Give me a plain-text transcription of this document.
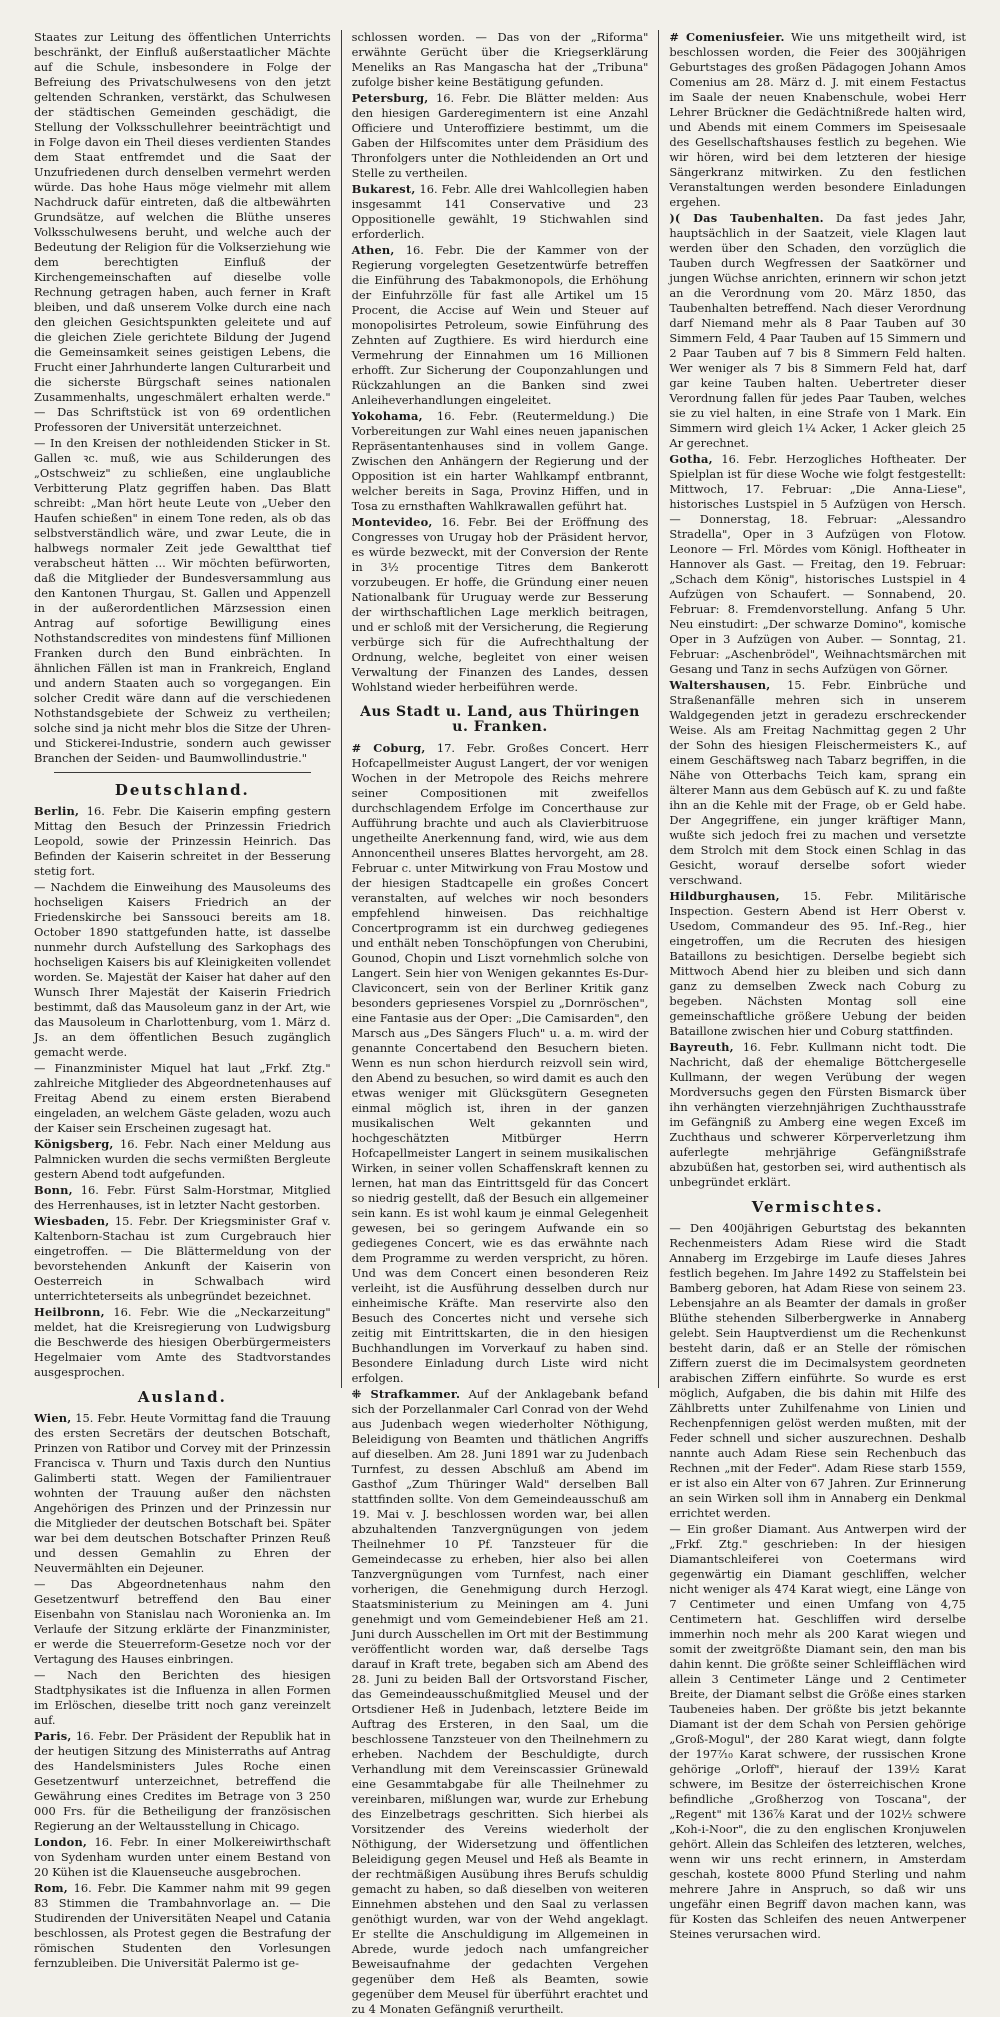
Staates zur Leitung des öffentlichen Unterrichts beschränkt, der Einfluß außerstaatlicher Mächte auf die Schule, insbesondere in Folge der Befreiung des Privatschulwesens von den jetzt geltenden Schranken, verstärkt, das Schulwesen der städtischen Gemeinden geschädigt, die Stellung der Volksschullehrer beeinträchtigt und in Folge davon ein Theil dieses verdienten Standes dem Staat entfremdet und die Saat der Unzufriedenen durch denselben vermehrt werden würde. Das hohe Haus möge vielmehr mit allem Nachdruck dafür eintreten, daß die altbewährten Grundsätze, auf welchen die Blüthe unseres Volksschulwesens beruht, und welche auch der Bedeutung der Religion für die Volkserziehung wie dem berechtigten Einfluß der Kirchengemeinschaften auf dieselbe volle Rechnung getragen haben, auch ferner in Kraft bleiben, und daß unserem Volke durch eine nach den gleichen Gesichtspunkten geleitete und auf die gleichen Ziele gerichtete Bildung der Jugend die Gemeinsamkeit seines geistigen Lebens, die Frucht einer Jahrhunderte langen Culturarbeit und die sicherste Bürgschaft seines nationalen Zusammenhalts, ungeschmälert erhalten werde." — Das Schriftstück ist von 69 ordentlichen Professoren der Universität unterzeichnet.

— In den Kreisen der nothleidenden Sticker in St. Gallen ꝛc. muß, wie aus Schilderungen des „Ostschweiz" zu schließen, eine unglaubliche Verbitterung Platz gegriffen haben. Das Blatt schreibt: „Man hört heute Leute von „Ueber den Haufen schießen" in einem Tone reden, als ob das selbstverständlich wäre, und zwar Leute, die in halbwegs normaler Zeit jede Gewaltthat tief verabscheut hätten ... Wir möchten befürworten, daß die Mitglieder der Bundesversammlung aus den Kantonen Thurgau, St. Gallen und Appenzell in der außerordentlichen Märzsession einen Antrag auf sofortige Bewilligung eines Nothstandscredites von mindestens fünf Millionen Franken durch den Bund einbrächten. In ähnlichen Fällen ist man in Frankreich, England und andern Staaten auch so vorgegangen. Ein solcher Credit wäre dann auf die verschiedenen Nothstandsgebiete der Schweiz zu vertheilen; solche sind ja nicht mehr blos die Sitze der Uhren- und Stickerei-Industrie, sondern auch gewisser Branchen der Seiden- und Baumwollindustrie."

Deutschland.

Berlin, 16. Febr. Die Kaiserin empfing gestern Mittag den Besuch der Prinzessin Friedrich Leopold, sowie der Prinzessin Heinrich. Das Befinden der Kaiserin schreitet in der Besserung stetig fort.

— Nachdem die Einweihung des Mausoleums des hochseligen Kaisers Friedrich an der Friedenskirche bei Sanssouci bereits am 18. October 1890 stattgefunden hatte, ist dasselbe nunmehr durch Aufstellung des Sarkophags des hochseligen Kaisers bis auf Kleinigkeiten vollendet worden. Se. Majestät der Kaiser hat daher auf den Wunsch Ihrer Majestät der Kaiserin Friedrich bestimmt, daß das Mausoleum ganz in der Art, wie das Mausoleum in Charlottenburg, vom 1. März d. Js. an dem öffentlichen Besuch zugänglich gemacht werde.

— Finanzminister Miquel hat laut „Frkf. Ztg." zahlreiche Mitglieder des Abgeordnetenhauses auf Freitag Abend zu einem ersten Bierabend eingeladen, an welchem Gäste geladen, wozu auch der Kaiser sein Erscheinen zugesagt hat.

Königsberg, 16. Febr. Nach einer Meldung aus Palmnicken wurden die sechs vermißten Bergleute gestern Abend todt aufgefunden.

Bonn, 16. Febr. Fürst Salm-Horstmar, Mitglied des Herrenhauses, ist in letzter Nacht gestorben.

Wiesbaden, 15. Febr. Der Kriegsminister Graf v. Kaltenborn-Stachau ist zum Curgebrauch hier eingetroffen. — Die Blättermeldung von der bevorstehenden Ankunft der Kaiserin von Oesterreich in Schwalbach wird unterrichteterseits als unbegründet bezeichnet.

Heilbronn, 16. Febr. Wie die „Neckarzeitung" meldet, hat die Kreisregierung von Ludwigsburg die Beschwerde des hiesigen Oberbürgermeisters Hegelmaier vom Amte des Stadtvorstandes ausgesprochen.

Ausland.

Wien, 15. Febr. Heute Vormittag fand die Trauung des ersten Secretärs der deutschen Botschaft, Prinzen von Ratibor und Corvey mit der Prinzessin Francisca v. Thurn und Taxis durch den Nuntius Galimberti statt. Wegen der Familientrauer wohnten der Trauung außer den nächsten Angehörigen des Prinzen und der Prinzessin nur die Mitglieder der deutschen Botschaft bei. Später war bei dem deutschen Botschafter Prinzen Reuß und dessen Gemahlin zu Ehren der Neuvermählten ein Dejeuner.

— Das Abgeordnetenhaus nahm den Gesetzentwurf betreffend den Bau einer Eisenbahn von Stanislau nach Woronienka an. Im Verlaufe der Sitzung erklärte der Finanzminister, er werde die Steuerreform-Gesetze noch vor der Vertagung des Hauses einbringen.

— Nach den Berichten des hiesigen Stadtphysikates ist die Influenza in allen Formen im Erlöschen, dieselbe tritt noch ganz vereinzelt auf.

Paris, 16. Febr. Der Präsident der Republik hat in der heutigen Sitzung des Ministerraths auf Antrag des Handelsministers Jules Roche einen Gesetzentwurf unterzeichnet, betreffend die Gewährung eines Credites im Betrage von 3 250 000 Frs. für die Betheiligung der französischen Regierung an der Weltausstellung in Chicago.

London, 16. Febr. In einer Molkereiwirthschaft von Sydenham wurden unter einem Bestand von 20 Kühen ist die Klauenseuche ausgebrochen.

Rom, 16. Febr. Die Kammer nahm mit 99 gegen 83 Stimmen die Trambahnvorlage an. — Die Studirenden der Universitäten Neapel und Catania beschlossen, als Protest gegen die Bestrafung der römischen Studenten den Vorlesungen fernzubleiben. Die Universität Palermo ist ge-

schlossen worden. — Das von der „Riforma" erwähnte Gerücht über die Kriegserklärung Meneliks an Ras Mangascha hat der „Tribuna" zufolge bisher keine Bestätigung gefunden.

Petersburg, 16. Febr. Die Blätter melden: Aus den hiesigen Garderegimentern ist eine Anzahl Officiere und Unteroffiziere bestimmt, um die Gaben der Hilfscomites unter dem Präsidium des Thronfolgers unter die Nothleidenden an Ort und Stelle zu vertheilen.

Bukarest, 16. Febr. Alle drei Wahlcollegien haben insgesammt 141 Conservative und 23 Oppositionelle gewählt, 19 Stichwahlen sind erforderlich.

Athen, 16. Febr. Die der Kammer von der Regierung vorgelegten Gesetzentwürfe betreffen die Einführung des Tabakmonopols, die Erhöhung der Einfuhrzölle für fast alle Artikel um 15 Procent, die Accise auf Wein und Steuer auf monopolisirtes Petroleum, sowie Einführung des Zehnten auf Zugthiere. Es wird hierdurch eine Vermehrung der Einnahmen um 16 Millionen erhofft. Zur Sicherung der Couponzahlungen und Rückzahlungen an die Banken sind zwei Anleiheverhandlungen eingeleitet.

Yokohama, 16. Febr. (Reutermeldung.) Die Vorbereitungen zur Wahl eines neuen japanischen Repräsentantenhauses sind in vollem Gange. Zwischen den Anhängern der Regierung und der Opposition ist ein harter Wahlkampf entbrannt, welcher bereits in Saga, Provinz Hiffen, und in Tosa zu ernsthaften Wahlkrawallen geführt hat.

Montevideo, 16. Febr. Bei der Eröffnung des Congresses von Urugay hob der Präsident hervor, es würde bezweckt, mit der Conversion der Rente in 3½ procentige Titres dem Bankerott vorzubeugen. Er hoffe, die Gründung einer neuen Nationalbank für Uruguay werde zur Besserung der wirthschaftlichen Lage merklich beitragen, und er schloß mit der Versicherung, die Regierung verbürge sich für die Aufrechthaltung der Ordnung, welche, begleitet von einer weisen Verwaltung der Finanzen des Landes, dessen Wohlstand wieder herbeiführen werde.

Aus Stadt u. Land, aus Thüringen u. Franken.

# Coburg, 17. Febr. Großes Concert. Herr Hofcapellmeister August Langert, der vor wenigen Wochen in der Metropole des Reichs mehrere seiner Compositionen mit zweifellos durchschlagendem Erfolge im Concerthause zur Aufführung brachte und auch als Clavierbitruose ungetheilte Anerkennung fand, wird, wie aus dem Annoncentheil unseres Blattes hervorgeht, am 28. Februar c. unter Mitwirkung von Frau Mostow und der hiesigen Stadtcapelle ein großes Concert veranstalten, auf welches wir noch besonders empfehlend hinweisen. Das reichhaltige Concertprogramm ist ein durchweg gediegenes und enthält neben Tonschöpfungen von Cherubini, Gounod, Chopin und Liszt vornehmlich solche von Langert. Sein hier von Wenigen gekanntes Es-Dur-Claviconcert, sein von der Berliner Kritik ganz besonders gepriesenes Vorspiel zu „Dornröschen", eine Fantasie aus der Oper: „Die Camisarden", den Marsch aus „Des Sängers Fluch" u. a. m. wird der genannte Concertabend den Besuchern bieten. Wenn es nun schon hierdurch reizvoll sein wird, den Abend zu besuchen, so wird damit es auch den etwas weniger mit Glücksgütern Gesegneten einmal möglich ist, ihren in der ganzen musikalischen Welt gekannten und hochgeschätzten Mitbürger Herrn Hofcapellmeister Langert in seinem musikalischen Wirken, in seiner vollen Schaffenskraft kennen zu lernen, hat man das Eintrittsgeld für das Concert so niedrig gestellt, daß der Besuch ein allgemeiner sein kann. Es ist wohl kaum je einmal Gelegenheit gewesen, bei so geringem Aufwande ein so gediegenes Concert, wie es das erwähnte nach dem Programme zu werden verspricht, zu hören. Und was dem Concert einen besonderen Reiz verleiht, ist die Ausführung desselben durch nur einheimische Kräfte. Man reservirte also den Besuch des Concertes nicht und versehe sich zeitig mit Eintrittskarten, die in den hiesigen Buchhandlungen im Vorverkauf zu haben sind. Besondere Einladung durch Liste wird nicht erfolgen.

⁜ Strafkammer. Auf der Anklagebank befand sich der Porzellanmaler Carl Conrad von der Wehd aus Judenbach wegen wiederholter Nöthigung, Beleidigung von Beamten und thätlichen Angriffs auf dieselben. Am 28. Juni 1891 war zu Judenbach Turnfest, zu dessen Abschluß am Abend im Gasthof „Zum Thüringer Wald" derselben Ball stattfinden sollte. Von dem Gemeindeausschuß am 19. Mai v. J. beschlossen worden war, bei allen abzuhaltenden Tanzvergnügungen von jedem Theilnehmer 10 Pf. Tanzsteuer für die Gemeindecasse zu erheben, hier also bei allen Tanzvergnügungen vom Turnfest, nach einer vorherigen, die Genehmigung durch Herzogl. Staatsministerium zu Meiningen am 4. Juni genehmigt und vom Gemeindebiener Heß am 21. Juni durch Ausschellen im Ort mit der Bestimmung veröffentlicht worden war, daß derselbe Tags darauf in Kraft trete, begaben sich am Abend des 28. Juni zu beiden Ball der Ortsvorstand Fischer, das Gemeindeausschußmitglied Meusel und der Ortsdiener Heß in Judenbach, letztere Beide im Auftrag des Ersteren, in den Saal, um die beschlossene Tanzsteuer von den Theilnehmern zu erheben. Nachdem der Beschuldigte, durch Verhandlung mit dem Vereinscassier Grünewald eine Gesammtabgabe für alle Theilnehmer zu vereinbaren, mißlungen war, wurde zur Erhebung des Einzelbetrags geschritten. Sich hierbei als Vorsitzender des Vereins wiederholt der Nöthigung, der Widersetzung und öffentlichen Beleidigung gegen Meusel und Heß als Beamte in der rechtmäßigen Ausübung ihres Berufs schuldig gemacht zu haben, so daß dieselben von weiteren Einnehmen abstehen und den Saal zu verlassen genöthigt wurden, war von der Wehd angeklagt. Er stellte die Anschuldigung im Allgemeinen in Abrede, wurde jedoch nach umfangreicher Beweisaufnahme der gedachten Vergehen gegenüber dem Heß als Beamten, sowie gegenüber dem Meusel für überführt erachtet und zu 4 Monaten Gefängniß verurtheilt.

# Comeniusfeier. Wie uns mitgetheilt wird, ist beschlossen worden, die Feier des 300jährigen Geburtstages des großen Pädagogen Johann Amos Comenius am 28. März d. J. mit einem Festactus im Saale der neuen Knabenschule, wobei Herr Lehrer Brückner die Gedächtnißrede halten wird, und Abends mit einem Commers im Speisesaale des Gesellschaftshauses festlich zu begehen. Wie wir hören, wird bei dem letzteren der hiesige Sängerkranz mitwirken. Zu den festlichen Veranstaltungen werden besondere Einladungen ergehen.

)( Das Taubenhalten. Da fast jedes Jahr, hauptsächlich in der Saatzeit, viele Klagen laut werden über den Schaden, den vorzüglich die Tauben durch Wegfressen der Saatkörner und jungen Wüchse anrichten, erinnern wir schon jetzt an die Verordnung vom 20. März 1850, das Taubenhalten betreffend. Nach dieser Verordnung darf Niemand mehr als 8 Paar Tauben auf 30 Simmern Feld, 4 Paar Tauben auf 15 Simmern und 2 Paar Tauben auf 7 bis 8 Simmern Feld halten. Wer weniger als 7 bis 8 Simmern Feld hat, darf gar keine Tauben halten. Uebertreter dieser Verordnung fallen für jedes Paar Tauben, welches sie zu viel halten, in eine Strafe von 1 Mark. Ein Simmern wird gleich 1¼ Acker, 1 Acker gleich 25 Ar gerechnet.

Gotha, 16. Febr. Herzogliches Hoftheater. Der Spielplan ist für diese Woche wie folgt festgestellt: Mittwoch, 17. Februar: „Die Anna-Liese", historisches Lustspiel in 5 Aufzügen von Hersch. — Donnerstag, 18. Februar: „Alessandro Stradella", Oper in 3 Aufzügen von Flotow. Leonore — Frl. Mördes vom Königl. Hoftheater in Hannover als Gast. — Freitag, den 19. Februar: „Schach dem König", historisches Lustspiel in 4 Aufzügen von Schaufert. — Sonnabend, 20. Februar: 8. Fremdenvorstellung. Anfang 5 Uhr. Neu einstudirt: „Der schwarze Domino", komische Oper in 3 Aufzügen von Auber. — Sonntag, 21. Februar: „Aschenbrödel", Weihnachtsmärchen mit Gesang und Tanz in sechs Aufzügen von Görner.

Waltershausen, 15. Febr. Einbrüche und Straßenanfälle mehren sich in unserem Waldgegenden jetzt in geradezu erschreckender Weise. Als am Freitag Nachmittag gegen 2 Uhr der Sohn des hiesigen Fleischermeisters K., auf einem Geschäftsweg nach Tabarz begriffen, in die Nähe von Otterbachs Teich kam, sprang ein älterer Mann aus dem Gebüsch auf K. zu und faßte ihn an die Kehle mit der Frage, ob er Geld habe. Der Angegriffene, ein junger kräftiger Mann, wußte sich jedoch frei zu machen und versetzte dem Strolch mit dem Stock einen Schlag in das Gesicht, worauf derselbe sofort wieder verschwand.

Hildburghausen, 15. Febr. Militärische Inspection. Gestern Abend ist Herr Oberst v. Usedom, Commandeur des 95. Inf.-Reg., hier eingetroffen, um die Recruten des hiesigen Bataillons zu besichtigen. Derselbe begiebt sich Mittwoch Abend hier zu bleiben und sich dann ganz zu demselben Zweck nach Coburg zu begeben. Nächsten Montag soll eine gemeinschaftliche größere Uebung der beiden Bataillone zwischen hier und Coburg stattfinden.

Bayreuth, 16. Febr. Kullmann nicht todt. Die Nachricht, daß der ehemalige Böttchergeselle Kullmann, der wegen Verübung der wegen Mordversuchs gegen den Fürsten Bismarck über ihn verhängten vierzehnjährigen Zuchthausstrafe im Gefängniß zu Amberg eine wegen Exceß im Zuchthaus und schwerer Körperverletzung ihm auferlegte mehrjährige Gefängnißstrafe abzubüßen hat, gestorben sei, wird authentisch als unbegründet erklärt.

Vermischtes.

— Den 400jährigen Geburtstag des bekannten Rechenmeisters Adam Riese wird die Stadt Annaberg im Erzgebirge im Laufe dieses Jahres festlich begehen. Im Jahre 1492 zu Staffelstein bei Bamberg geboren, hat Adam Riese von seinem 23. Lebensjahre an als Beamter der damals in großer Blüthe stehenden Silberbergwerke in Annaberg gelebt. Sein Hauptverdienst um die Rechenkunst besteht darin, daß er an Stelle der römischen Ziffern zuerst die im Decimalsystem geordneten arabischen Ziffern einführte. So wurde es erst möglich, Aufgaben, die bis dahin mit Hilfe des Zählbretts unter Zuhilfenahme von Linien und Rechenpfennigen gelöst werden mußten, mit der Feder schnell und sicher auszurechnen. Deshalb nannte auch Adam Riese sein Rechenbuch das Rechnen „mit der Feder". Adam Riese starb 1559, er ist also ein Alter von 67 Jahren. Zur Erinnerung an sein Wirken soll ihm in Annaberg ein Denkmal errichtet werden.

— Ein großer Diamant. Aus Antwerpen wird der „Frkf. Ztg." geschrieben: In der hiesigen Diamantschleiferei von Coetermans wird gegenwärtig ein Diamant geschliffen, welcher nicht weniger als 474 Karat wiegt, eine Länge von 7 Centimeter und einen Umfang von 4,75 Centimetern hat. Geschliffen wird derselbe immerhin noch mehr als 200 Karat wiegen und somit der zweitgrößte Diamant sein, den man bis dahin kennt. Die größte seiner Schleifflächen wird allein 3 Centimeter Länge und 2 Centimeter Breite, der Diamant selbst die Größe eines starken Taubeneies haben. Der größte bis jetzt bekannte Diamant ist der dem Schah von Persien gehörige „Groß-Mogul", der 280 Karat wiegt, dann folgte der 197⁷⁄₁₀ Karat schwere, der russischen Krone gehörige „Orloff", hierauf der 139½ Karat schwere, im Besitze der österreichischen Krone befindliche „Großherzog von Toscana", der „Regent" mit 136⅞ Karat und der 102½ schwere „Koh-i-Noor", die zu den englischen Kronjuwelen gehört. Allein das Schleifen des letzteren, welches, wenn wir uns recht erinnern, in Amsterdam geschah, kostete 8000 Pfund Sterling und nahm mehrere Jahre in Anspruch, so daß wir uns ungefähr einen Begriff davon machen kann, was für Kosten das Schleifen des neuen Antwerpener Steines verursachen wird.
